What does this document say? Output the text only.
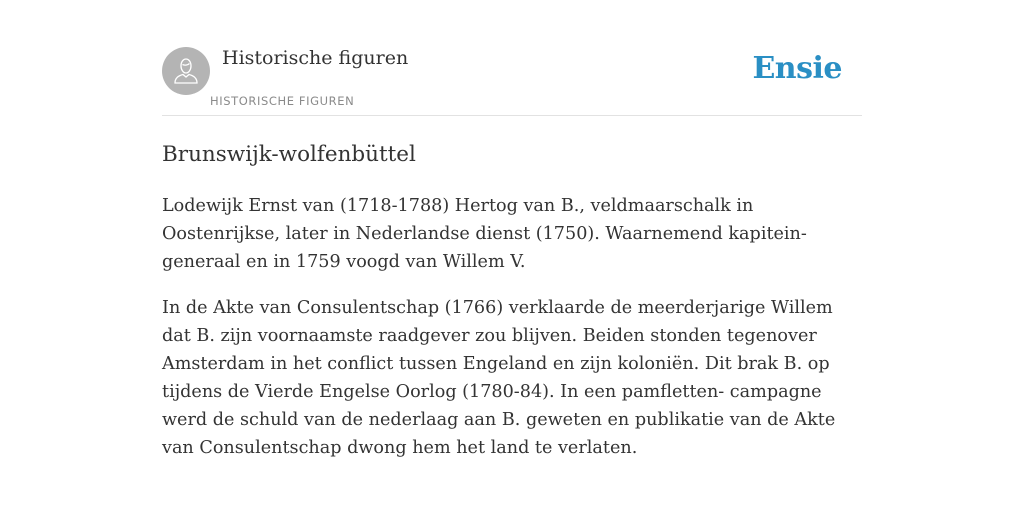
Historische figuren
HISTORISCHE FIGUREN
Ensie
Brunswijk-wolfenbüttel

Lodewijk Ernst van (1718-1788) Hertog van B., veldmaarschalk in Oostenrijkse, later in Nederlandse dienst (1750). Waarnemend kapitein-generaal en in 1759 voogd van Willem V.

In de Akte van Consulentschap (1766) verklaarde de meerderjarige Willem dat B. zijn voornaamste raadgever zou blijven. Beiden stonden tegenover Amsterdam in het conflict tussen Engeland en zijn koloniën. Dit brak B. op tijdens de Vierde Engelse Oorlog (1780-84). In een pamfletten- campagne werd de schuld van de nederlaag aan B. geweten en publikatie van de Akte van Consulentschap dwong hem het land te verlaten.
